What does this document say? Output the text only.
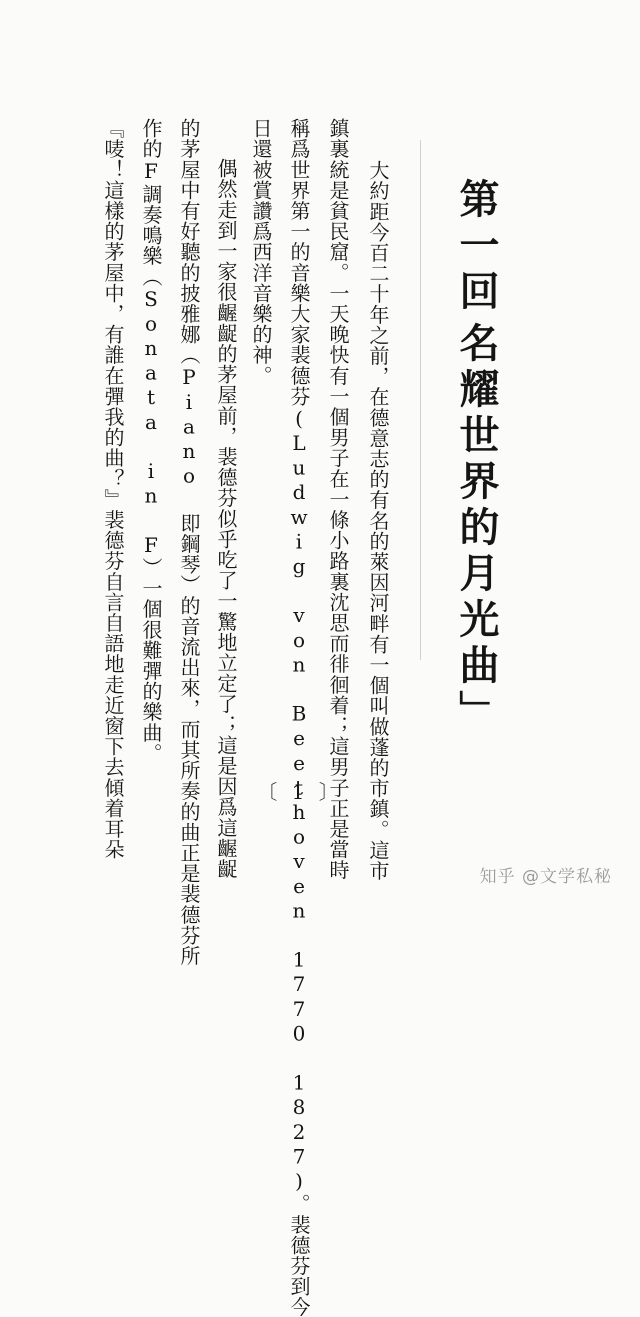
第一回
名耀世界的月光曲」
大約距今百二十年之前，在德意志的有名的萊因河畔有一個叫做蓬的市鎮。這市
鎮裏統是貧民窟。一天晚快有一個男子在一條小路裏沈思而徘徊着；這男子正是當時
稱爲世界第一的音樂大家裴德芬(Ludwig von Beethoven 1770 1827)。裴德芬到今
日還被賞讚爲西洋音樂的神。
偶然走到一家很齷齪的茅屋前，裴德芬似乎吃了一驚地立定了；這是因爲這齷齪
的茅屋中有好聽的披雅娜（Piano 即鋼琴）的音流出來，而其所奏的曲正是裴德芬所
作的F調奏鳴樂（Sonata in F）一個很難彈的樂曲。
『唛！這樣的茅屋中，有誰在彈我的曲？』裴德芬自言自語地走近窗下去傾着耳朵	〔 1 〕
知乎 @文学私秘
